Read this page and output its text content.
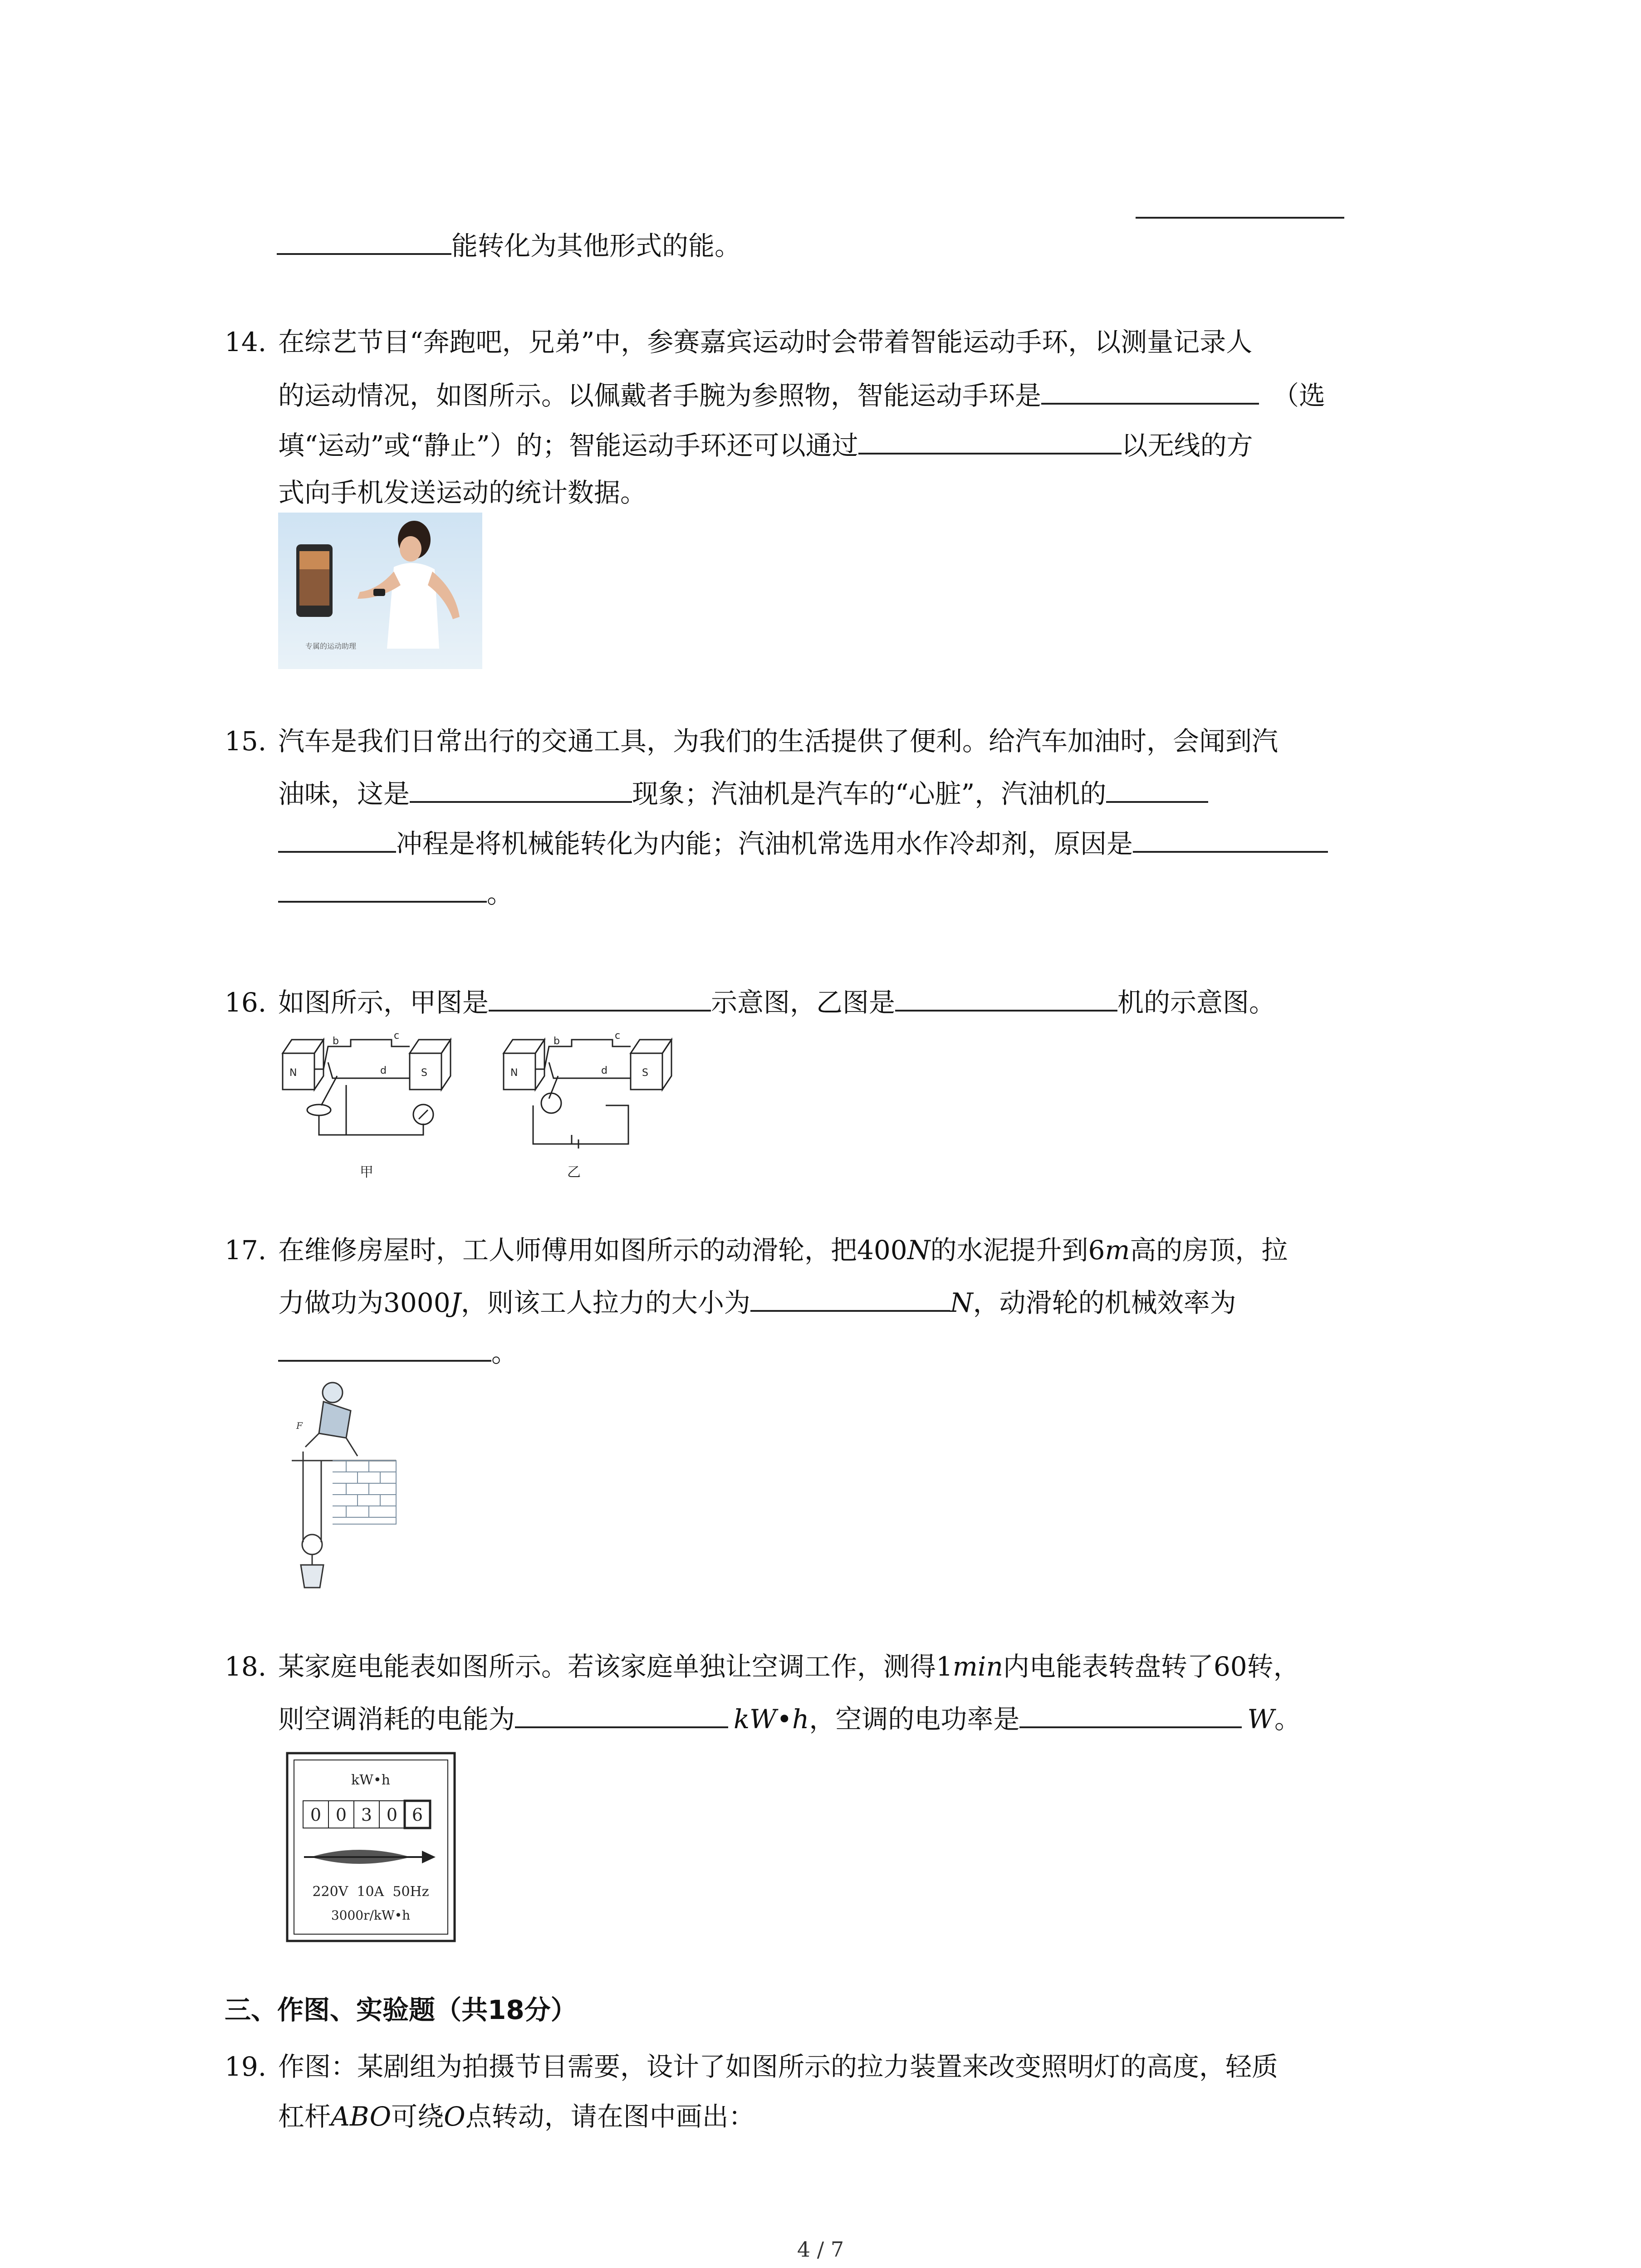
能转化为其他形式的能。
14. 在综艺节目“奔跑吧，兄弟”中，参赛嘉宾运动时会带着智能运动手环，以测量记录人
的运动情况，如图所示。以佩戴者手腕为参照物，智能运动手环是	（选
填“运动”或“静止”）的；智能运动手环还可以通过	以无线的方
式向手机发送运动的统计数据。
专属的运动助理
15. 汽车是我们日常出行的交通工具，为我们的生活提供了便利。给汽车加油时，会闻到汽
油味，这是	现象；汽油机是汽车的“心脏”，汽油机的
冲程是将机械能转化为内能；汽油机常选用水作冷却剂，原因是
。
16. 如图所示，甲图是	示意图，乙图是	机的示意图。
N	S
b	c
d
甲
N	S
b	c
d
乙
17. 在维修房屋时，工人师傅用如图所示的动滑轮，把400N的水泥提升到6m高的房顶，拉
力做功为3000J，则该工人拉力的大小为	N，动滑轮的机械效率为
。
F
18. 某家庭电能表如图所示。若该家庭单独让空调工作，测得1min内电能表转盘转了60转，
则空调消耗的电能为	kW•h，空调的电功率是	W。
kW•h
0 0 3 0 6
220V  10A  50Hz
3000r/kW•h
三、作图、实验题（共18分）
19. 作图：某剧组为拍摄节目需要，设计了如图所示的拉力装置来改变照明灯的高度，轻质
杠杆ABO可绕O点转动，请在图中画出：
4 / 7
